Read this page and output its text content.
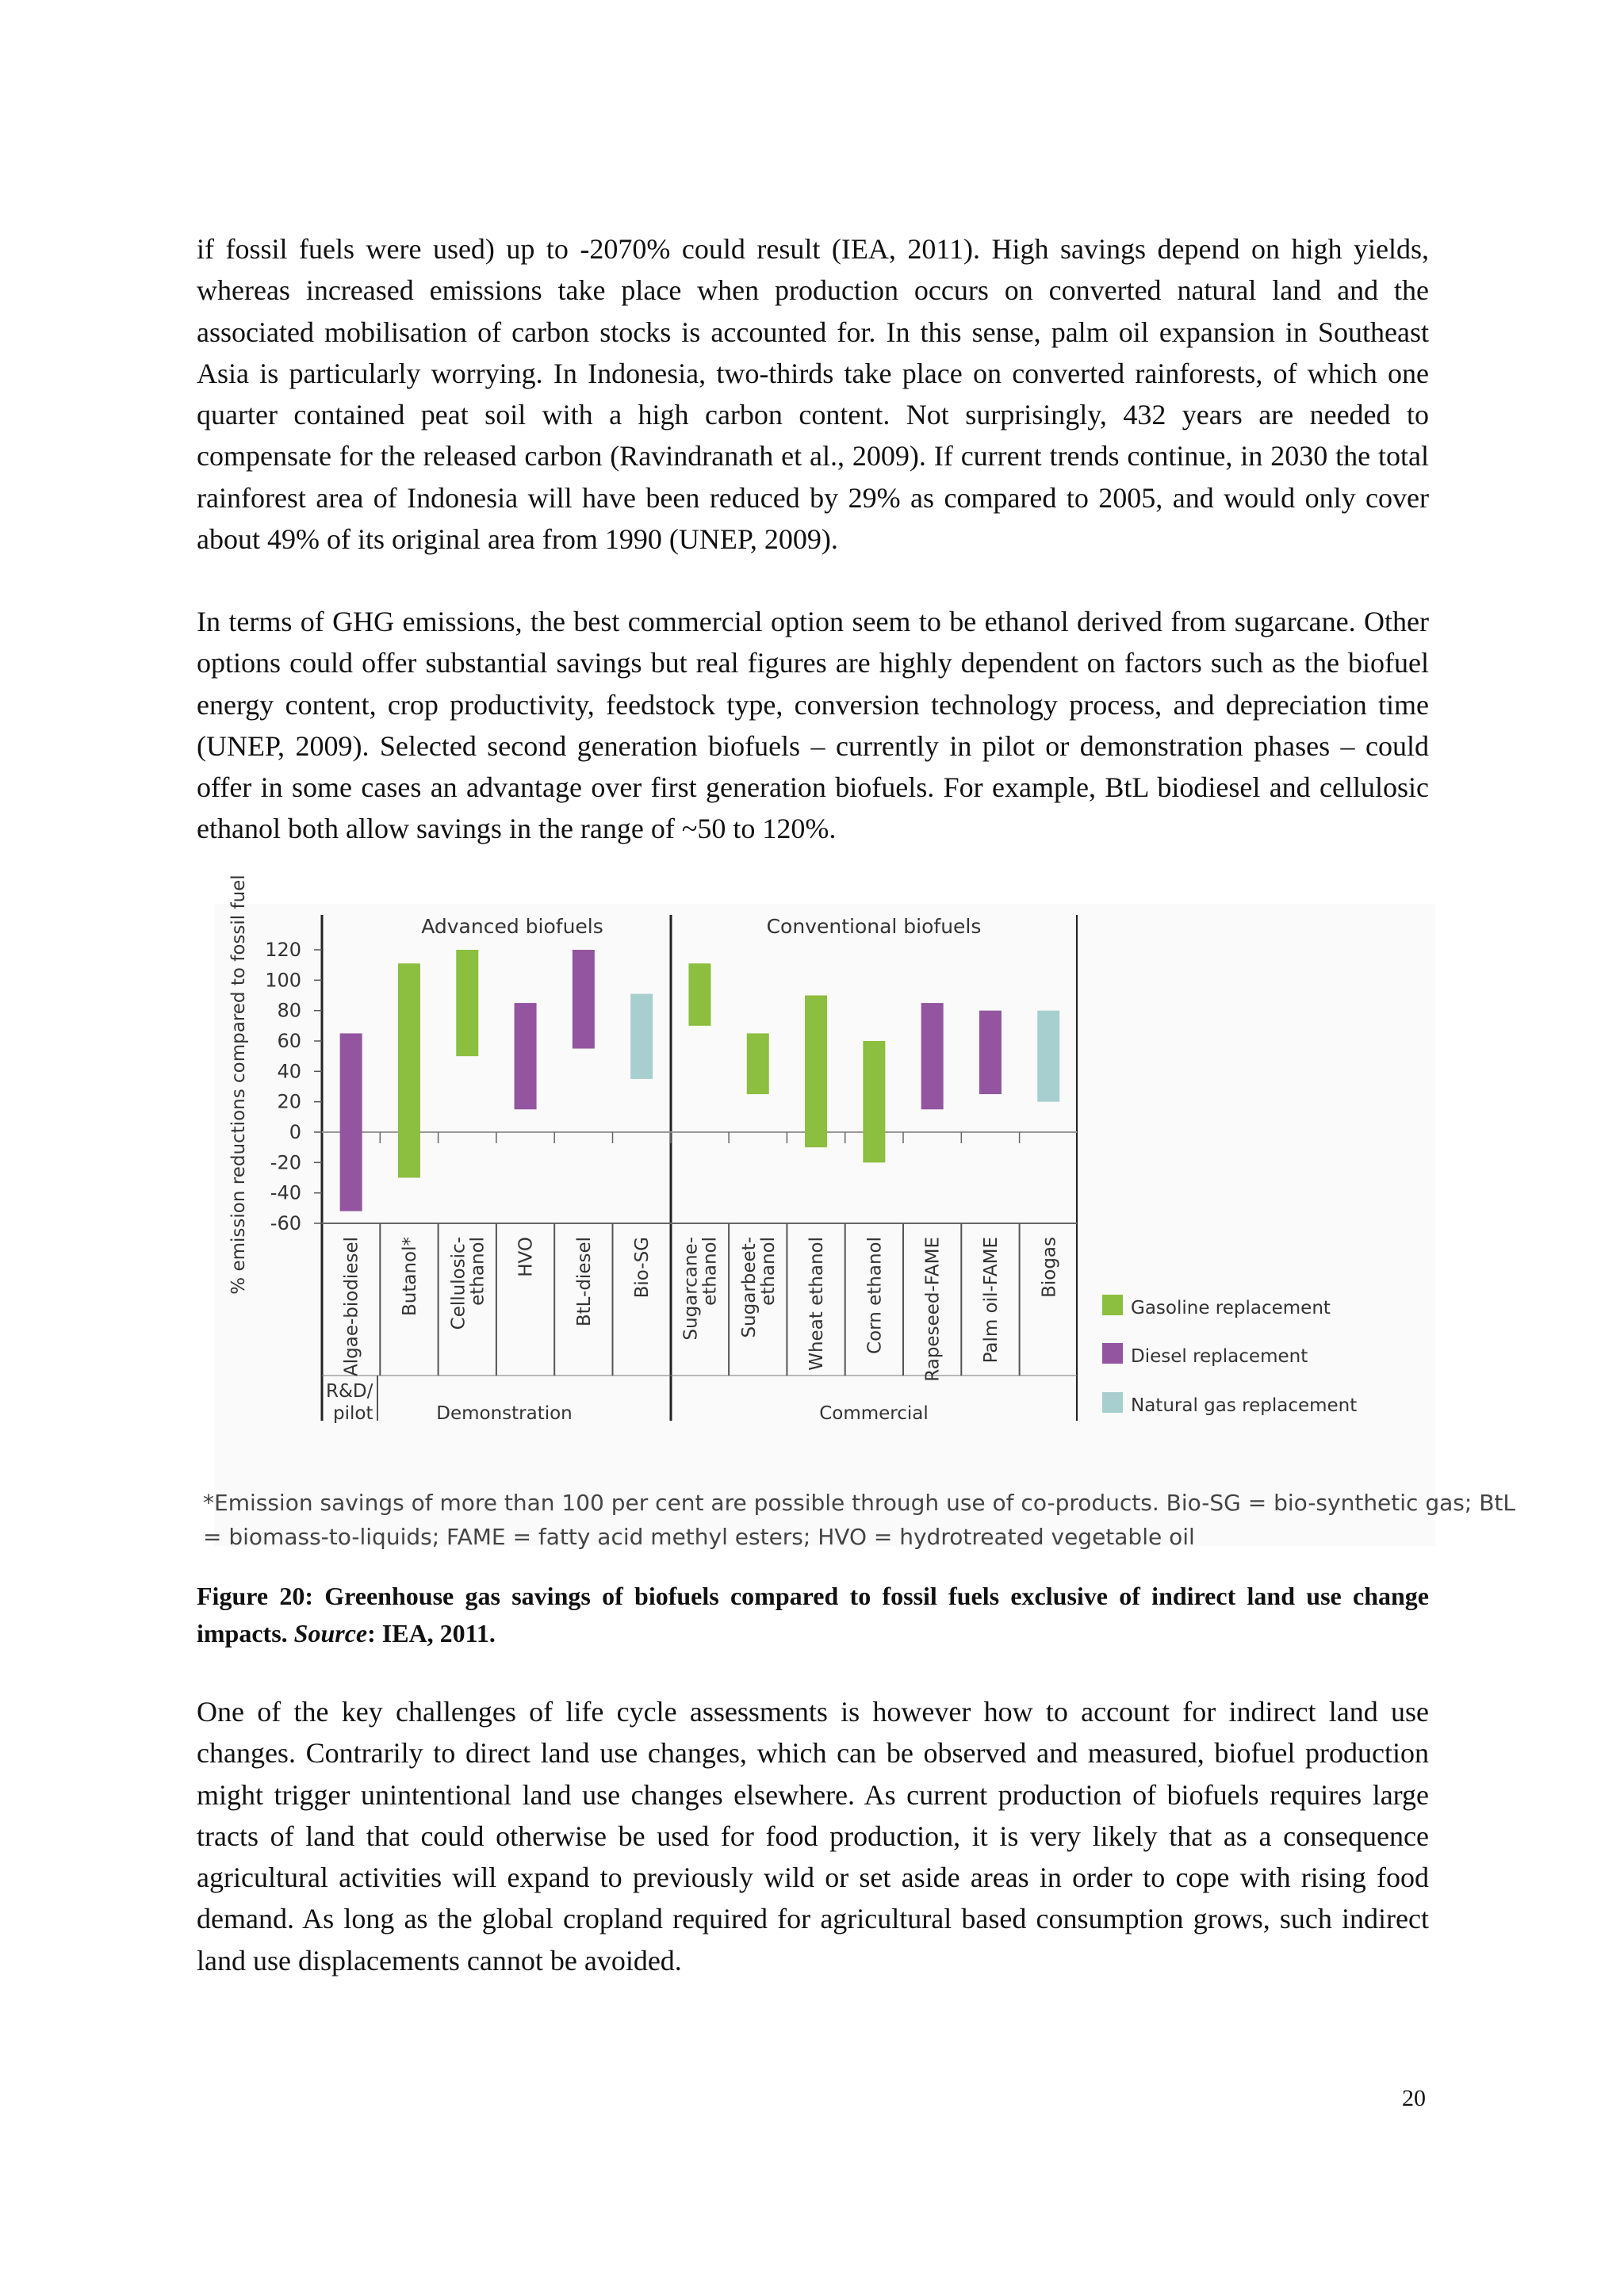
if fossil fuels were used) up to -2070% could result (IEA, 2011). High savings depend on high yields, whereas increased emissions take place when production occurs on converted natural land and the associated mobilisation of carbon stocks is accounted for. In this sense, palm oil expansion in Southeast Asia is particularly worrying. In Indonesia, two-thirds take place on converted rainforests, of which one quarter contained peat soil with a high carbon content. Not surprisingly, 432 years are needed to compensate for the released carbon (Ravindranath et al., 2009). If current trends continue, in 2030 the total rainforest area of Indonesia will have been reduced by 29% as compared to 2005, and would only cover about 49% of its original area from 1990 (UNEP, 2009).

In terms of GHG emissions, the best commercial option seem to be ethanol derived from sugarcane. Other options could offer substantial savings but real figures are highly dependent on factors such as the biofuel energy content, crop productivity, feedstock type, conversion technology process, and depreciation time (UNEP, 2009). Selected second generation biofuels – currently in pilot or demonstration phases – could offer in some cases an advantage over first generation biofuels. For example, BtL biodiesel and cellulosic ethanol both allow savings in the range of ~50 to 120%.

120
100
80
60
40
20
0
-20
-40
-60
% emission reductions compared to fossil fuel	Advanced biofuels	Conventional biofuels
Algae-biodiesel Butanol* Cellulosic-
ethanol HVO BtL-diesel Bio-SG Sugarcane-
ethanol Sugarbeet-
ethanol Wheat ethanol Corn ethanol Rapeseed-FAME Palm oil-FAME Biogas
R&D/
pilot	Demonstration	Commercial
Gasoline replacement
Diesel replacement
Natural gas replacement
*Emission savings of more than 100 per cent are possible through use of co-products. Bio-SG = bio-synthetic gas; BtL
= biomass-to-liquids; FAME = fatty acid methyl esters; HVO = hydrotreated vegetable oil

Figure 20: Greenhouse gas savings of biofuels compared to fossil fuels exclusive of indirect land use change impacts. Source: IEA, 2011.

One of the key challenges of life cycle assessments is however how to account for indirect land use changes. Contrarily to direct land use changes, which can be observed and measured, biofuel production might trigger unintentional land use changes elsewhere. As current production of biofuels requires large tracts of land that could otherwise be used for food production, it is very likely that as a consequence agricultural activities will expand to previously wild or set aside areas in order to cope with rising food demand. As long as the global cropland required for agricultural based consumption grows, such indirect land use displacements cannot be avoided.

20
